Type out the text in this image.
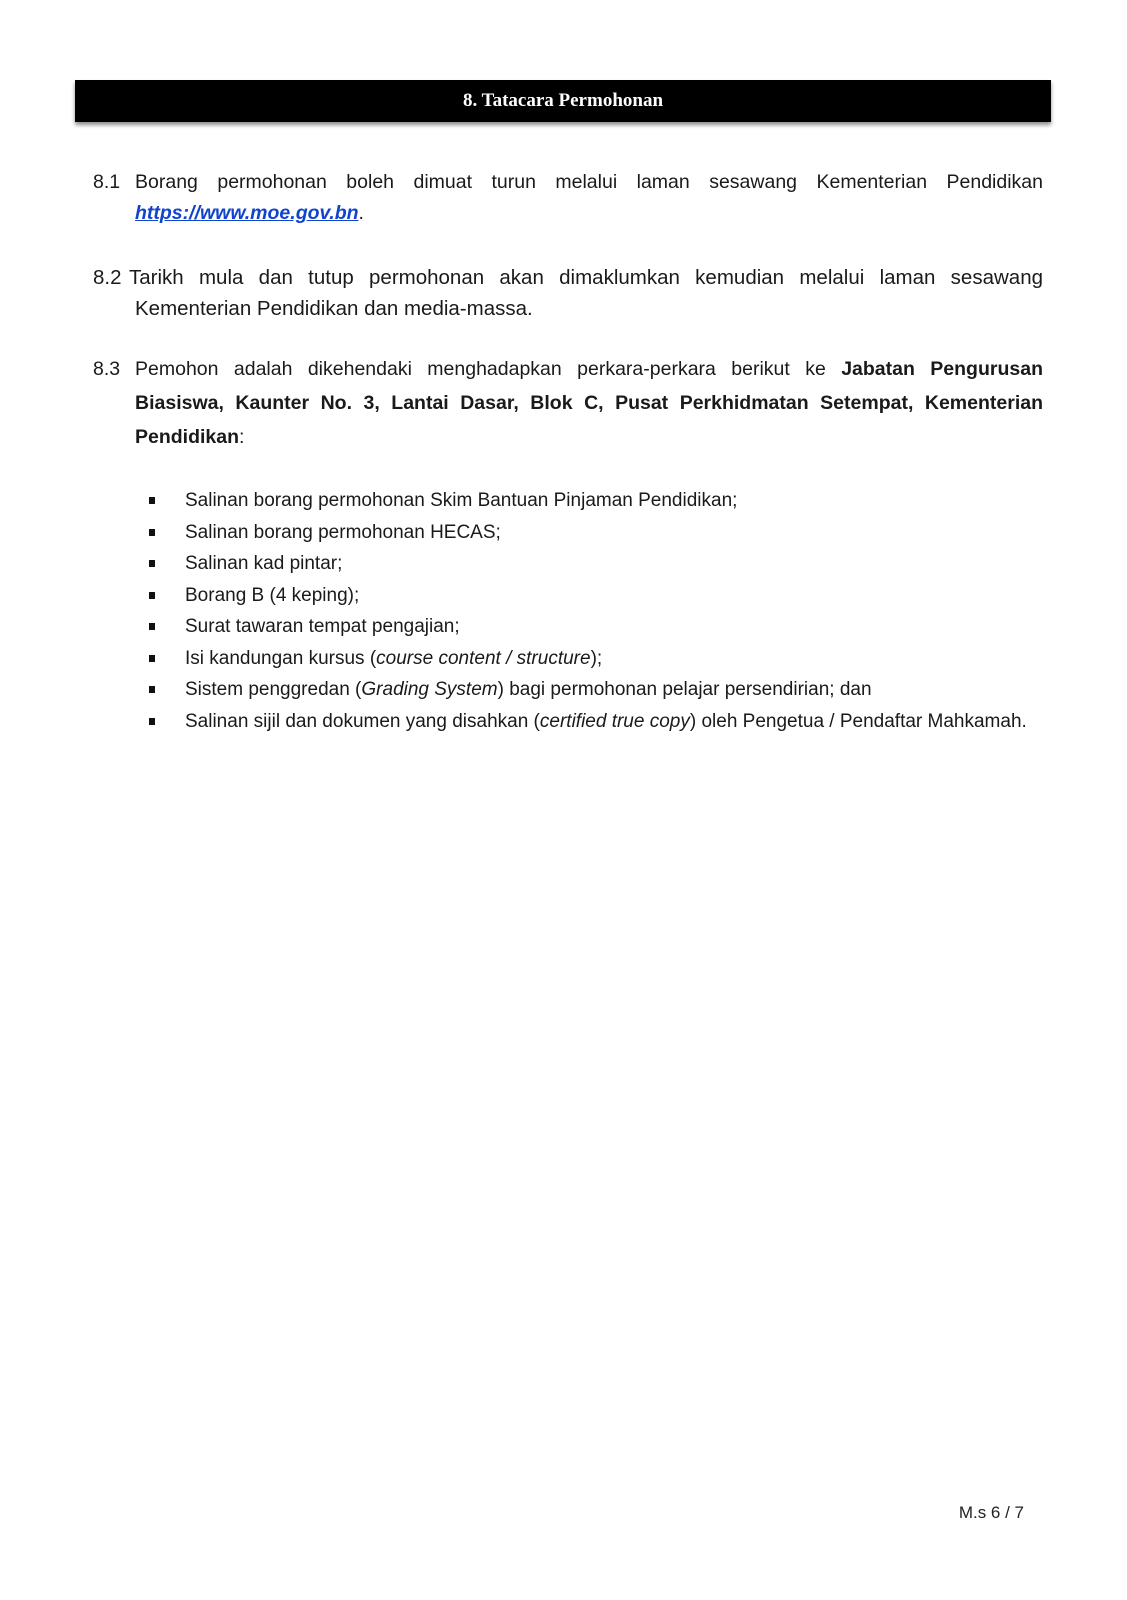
8. Tatacara Permohonan
8.1 Borang permohonan boleh dimuat turun melalui laman sesawang Kementerian Pendidikan https://www.moe.gov.bn.
8.2 Tarikh mula dan tutup permohonan akan dimaklumkan kemudian melalui laman sesawang Kementerian Pendidikan dan media-massa.
8.3 Pemohon adalah dikehendaki menghadapkan perkara-perkara berikut ke Jabatan Pengurusan Biasiswa, Kaunter No. 3, Lantai Dasar, Blok C, Pusat Perkhidmatan Setempat, Kementerian Pendidikan:
Salinan borang permohonan Skim Bantuan Pinjaman Pendidikan;
Salinan borang permohonan HECAS;
Salinan kad pintar;
Borang B (4 keping);
Surat tawaran tempat pengajian;
Isi kandungan kursus (course content / structure);
Sistem penggredan (Grading System) bagi permohonan pelajar persendirian; dan
Salinan sijil dan dokumen yang disahkan (certified true copy) oleh Pengetua / Pendaftar Mahkamah.
M.s 6 / 7
